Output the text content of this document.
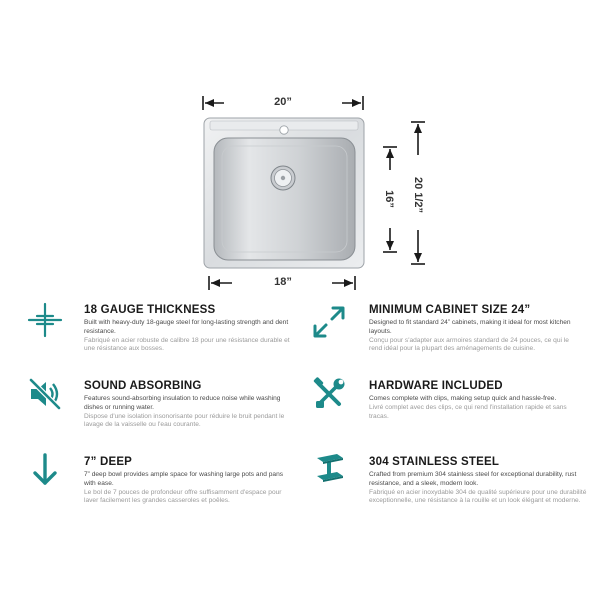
20”
18”
16” 20 1/2”
18 GAUGE THICKNESS

Built with heavy-duty 18-gauge steel for long-lasting strength and dent resistance.

Fabriqué en acier robuste de calibre 18 pour une résistance durable et une résistance aux bosses.

MINIMUM CABINET SIZE 24”

Designed to fit standard 24” cabinets, making it ideal for most kitchen layouts.

Conçu pour s'adapter aux armoires standard de 24 pouces, ce qui le rend idéal pour la plupart des aménagements de cuisine.

SOUND ABSORBING

Features sound-absorbing insulation to reduce noise while washing dishes or running water.

Dispose d'une isolation insonorisante pour réduire le bruit pendant le lavage de la vaisselle ou l'eau courante.

HARDWARE INCLUDED

Comes complete with clips, making setup quick and hassle-free.

Livré complet avec des clips, ce qui rend l'installation rapide et sans tracas.

7” DEEP

7” deep bowl provides ample space for washing large pots and pans with ease.

Le bol de 7 pouces de profondeur offre suffisamment d'espace pour laver facilement les grandes casseroles et poêles.

304 STAINLESS STEEL

Crafted from premium 304 stainless steel for exceptional durability, rust resistance, and a sleek, modern look.

Fabriqué en acier inoxydable 304 de qualité supérieure pour une durabilité exceptionnelle, une résistance à la rouille et un look élégant et moderne.
